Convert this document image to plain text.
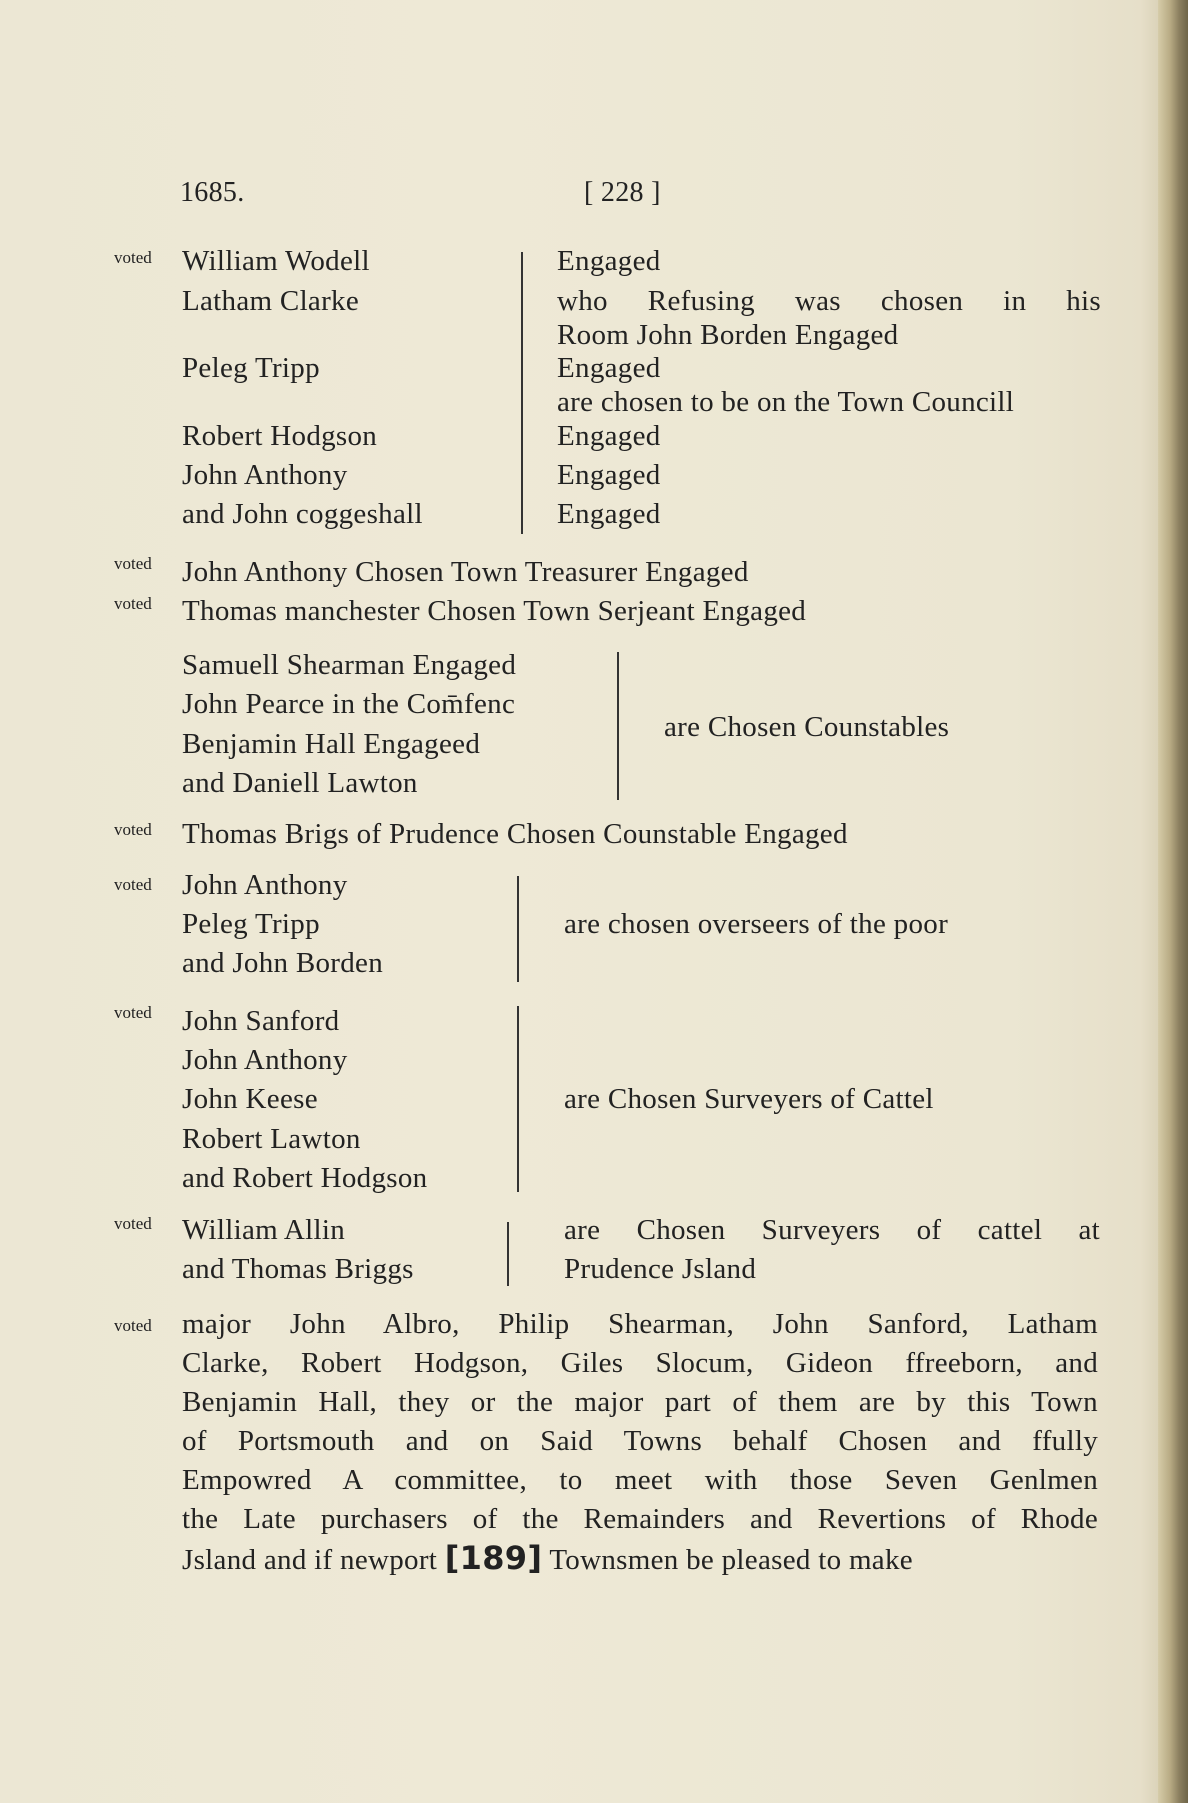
1685.	[ 228 ]
voted William Wodell
Latham Clarke
Peleg Tripp
Robert Hodgson
John Anthony
and John coggeshall
Engaged
who Refusing was chosen in his
Room John Borden Engaged
Engaged
are chosen to be on the Town Councill
Engaged
Engaged
Engaged
voted John Anthony Chosen Town Treasurer Engaged
voted Thomas manchester Chosen Town Serjeant Engaged
Samuell Shearman Engaged
John Pearce in the Com̄fenc
Benjamin Hall Engageed
and Daniell Lawton
are Chosen Counstables
voted Thomas Brigs of Prudence Chosen Counstable Engaged
voted John Anthony
Peleg Tripp
and John Borden
are chosen overseers of the poor
voted John Sanford
John Anthony
John Keese
Robert Lawton
and Robert Hodgson
are Chosen Surveyers of Cattel
voted William Allin
and Thomas Briggs
are Chosen Surveyers of cattel at
Prudence Jsland
voted major John Albro, Philip Shearman, John Sanford, Latham
Clarke, Robert Hodgson, Giles Slocum, Gideon ffreeborn, and
Benjamin Hall, they or the major part of them are by this Town
of Portsmouth and on Said Towns behalf Chosen and ffully
Empowred A committee, to meet with those Seven Genlmen
the Late purchasers of the Remainders and Revertions of Rhode
Jsland and if newport [189] Townsmen be pleased to make
